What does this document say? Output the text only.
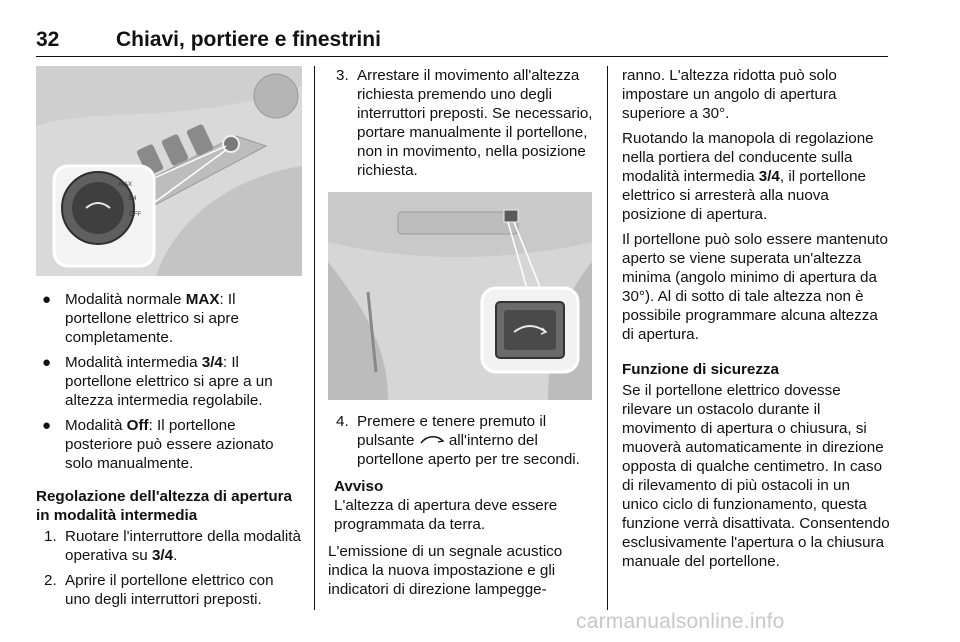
32	Chiavi, portiere e finestrini
MAX
3/4
OFF
● Modalità normale MAX: Il portellone elettrico si apre completamente.
● Modalità intermedia 3/4: Il portellone elettrico si apre a un altezza intermedia regolabile.
● Modalità Off: Il portellone posteriore può essere azionato solo manualmente.
Regolazione dell'altezza di apertura in modalità intermedia
1. Ruotare l'interruttore della modalità operativa su 3/4.
2. Aprire il portellone elettrico con uno degli interruttori preposti.
3. Arrestare il movimento all'altezza richiesta premendo uno degli interruttori preposti. Se necessario, portare manualmente il portellone, non in movimento, nella posizione richiesta.
4. Premere e tenere premuto il pulsante  all'interno del portellone aperto per tre secondi.
Avviso
L'altezza di apertura deve essere programmata da terra.

L'emissione di un segnale acustico indica la nuova impostazione e gli indicatori di direzione lampegge-

ranno. L'altezza ridotta può solo impostare un angolo di apertura superiore a 30°.

Ruotando la manopola di regolazione nella portiera del conducente sulla modalità intermedia 3/4, il portellone elettrico si arresterà alla nuova posizione di apertura.

Il portellone può solo essere mantenuto aperto se viene superata un'altezza minima (angolo minimo di apertura da 30°). Al di sotto di tale altezza non è possibile programmare alcuna altezza di apertura.

Funzione di sicurezza

Se il portellone elettrico dovesse rilevare un ostacolo durante il movimento di apertura o chiusura, si muoverà automaticamente in direzione opposta di qualche centimetro. In caso di rilevamento di più ostacoli in un unico ciclo di funzionamento, questa funzione verrà disattivata. Consentendo esclusivamente l'apertura o la chiusura manuale del portellone.

carmanualsonline.info
